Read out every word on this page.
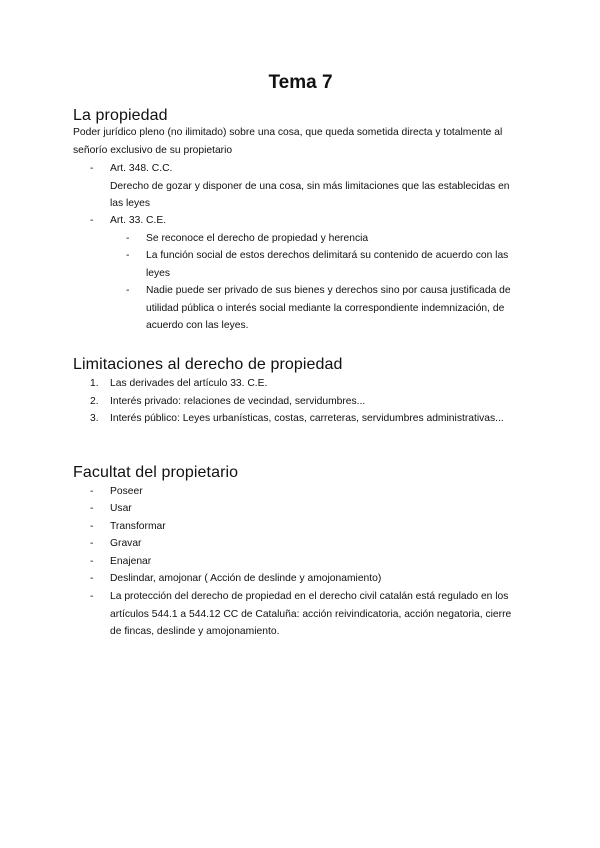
Tema 7
La propiedad

Poder jurídico pleno (no ilimitado) sobre una cosa, que queda sometida directa y totalmente al señorío exclusivo de su propietario

- Art. 348. C.C.
Derecho de gozar y disponer de una cosa, sin más limitaciones que las establecidas en las leyes
- Art. 33. C.E.
- Se reconoce el derecho de propiedad y herencia
- La función social de estos derechos delimitará su contenido de acuerdo con las leyes
- Nadie puede ser privado de sus bienes y derechos sino por causa justificada de utilidad pública o interés social mediante la correspondiente indemnización, de acuerdo con las leyes.
Limitaciones al derecho de propiedad
1. Las derivades del artículo 33. C.E.
2. Interés privado: relaciones de vecindad, servidumbres...
3. Interés público: Leyes urbanísticas, costas, carreteras, servidumbres administrativas...
Facultat del propietario
- Poseer
- Usar
- Transformar
- Gravar
- Enajenar
- Deslindar, amojonar ( Acción de deslinde y amojonamiento)
- La protección del derecho de propiedad en el derecho civil catalán está regulado en los artículos 544.1 a 544.12 CC de Cataluña: acción reivindicatoria, acción negatoria, cierre de fincas, deslinde y amojonamiento.
